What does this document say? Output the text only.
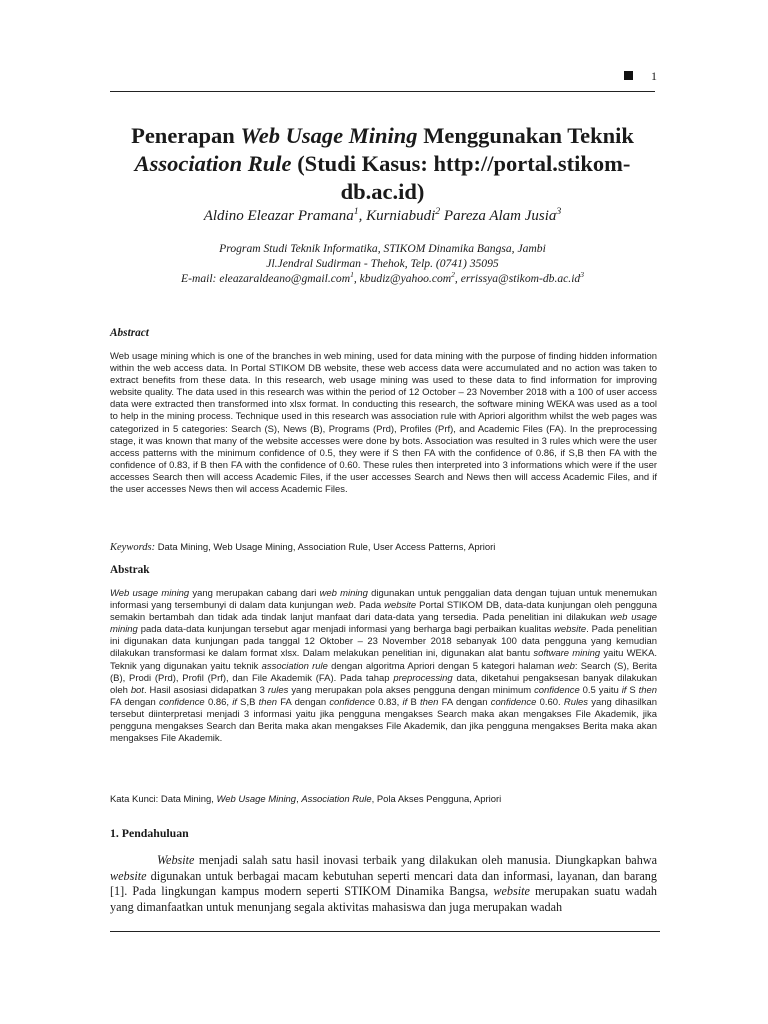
1
Penerapan Web Usage Mining Menggunakan Teknik
Association Rule (Studi Kasus: http://portal.stikom-db.ac.id)
Aldino Eleazar Pramana$^1$, Kurniabudi$^2$ Pareza Alam Jusia$^3$
Program Studi Teknik Informatika, STIKOM Dinamika Bangsa, Jambi
Jl.Jendral Sudirman - Thehok, Telp. (0741) 35095
E-mail: eleazaraldeano@gmail.com$^1$, kbudiz@yahoo.com$^2$, $errissya@stikom-db.ac.id^3$
Abstract
Web usage mining which is one of the branches in web mining, used for data mining with the purpose of finding hidden information within the web access data. In Portal STIKOM DB website, these web access data were accumulated and no action was taken to extract benefits from these data. In this research, web usage mining was used to these data to find information for improving website quality. The data used in this research was within the period of 12 October – 23 November 2018 with a 100 of user access data were extracted then transformed into xlsx format. In conducting this research, the software mining WEKA was used as a tool to help in the mining process. Technique used in this research was association rule with Apriori algorithm whilst the web pages was categorized in 5 categories: Search (S), News (B), Programs (Prd), Profiles (Prf), and Academic Files (FA). In the preprocessing stage, it was known that many of the website accesses were done by bots. Association was resulted in 3 rules which were the user access patterns with the minimum confidence of 0.5, they were if S then FA with the confidence of 0.86, if S,B then FA with the confidence of 0.83, if B then FA with the confidence of 0.60. These rules then interpreted into 3 informations which were if the user accesses Search then will access Academic Files, if the user accesses Search and News then will access Academic Files, and if the user accesses News then wil access Academic Files.
Keywords: Data Mining, Web Usage Mining, Association Rule, User Access Patterns, Apriori
Abstrak
Web usage mining yang merupakan cabang dari web mining digunakan untuk penggalian data dengan tujuan untuk menemukan informasi yang tersembunyi di dalam data kunjungan web. Pada website Portal STIKOM DB, data-data kunjungan oleh pengguna semakin bertambah dan tidak ada tindak lanjut manfaat dari data-data yang tersedia. Pada penelitian ini dilakukan web usage mining pada data-data kunjungan tersebut agar menjadi informasi yang berharga bagi perbaikan kualitas website. Pada penelitian ini digunakan data kunjungan pada tanggal 12 Oktober – 23 November 2018 sebanyak 100 data pengguna yang kemudian dilakukan transformasi ke dalam format xlsx. Dalam melakukan penelitian ini, digunakan alat bantu software mining yaitu WEKA. Teknik yang digunakan yaitu teknik association rule dengan algoritma Apriori dengan 5 kategori halaman web: Search (S), Berita (B), Prodi (Prd), Profil (Prf), dan File Akademik (FA). Pada tahap preprocessing data, diketahui pengaksesan banyak dilakukan oleh bot. Hasil asosiasi didapatkan 3 rules yang merupakan pola akses pengguna dengan minimum confidence 0.5 yaitu if S then FA dengan confidence 0.86, if S,B then FA dengan confidence 0.83, if B then FA dengan confidence 0.60. Rules yang dihasilkan tersebut diinterpretasi menjadi 3 informasi yaitu jika pengguna mengakses Search maka akan mengakses File Akademik, jika pengguna mengakses Search dan Berita maka akan mengakses File Akademik, dan jika pengguna mengakses Berita maka akan mengakses File Akademik.
Kata Kunci: Data Mining, Web Usage Mining, Association Rule, Pola Akses Pengguna, Apriori
1. Pendahuluan
Website menjadi salah satu hasil inovasi terbaik yang dilakukan oleh manusia. Diungkapkan bahwa website digunakan untuk berbagai macam kebutuhan seperti mencari data dan informasi, layanan, dan barang [1]. Pada lingkungan kampus modern seperti STIKOM Dinamika Bangsa, website merupakan suatu wadah yang dimanfaatkan untuk menunjang segala aktivitas mahasiswa dan juga merupakan wadah
